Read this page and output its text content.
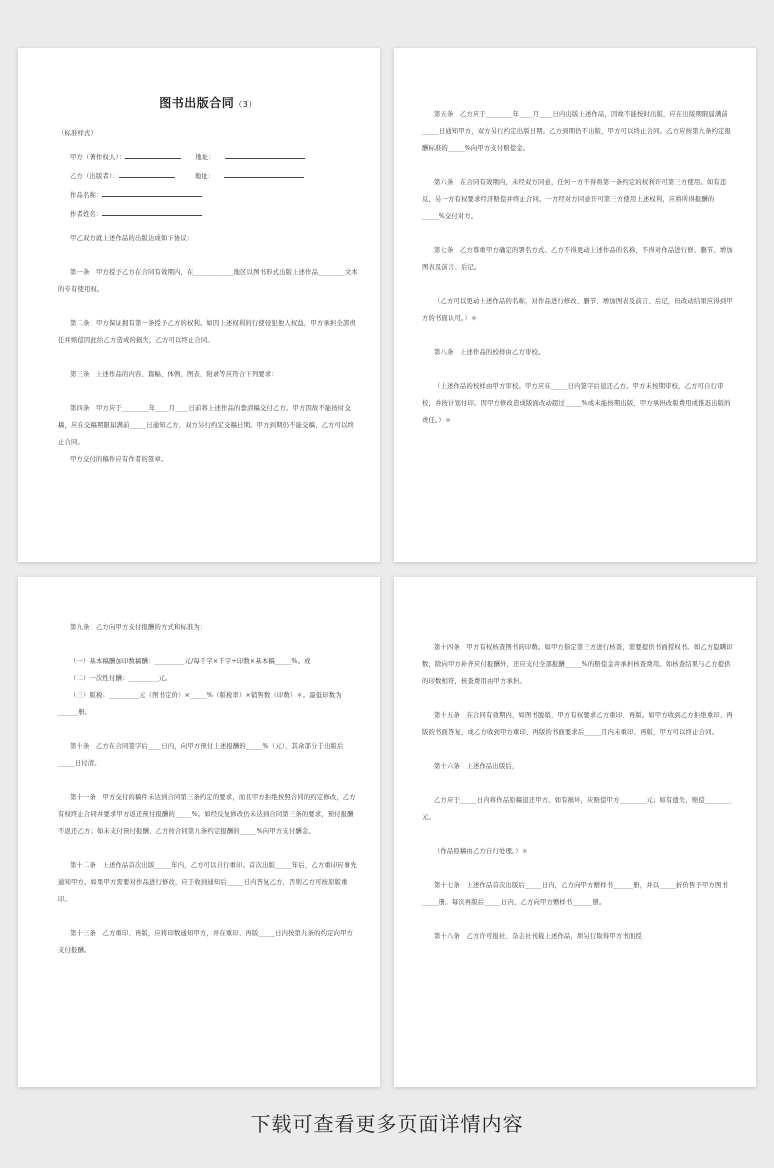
图书出版合同（3）

（标准样式）

甲方（著作权人）：	地址：

乙方（出版者）：	地址：

作品名称：

作者姓名：

甲乙双方就上述作品的出版达成如下协议：

第一条　甲方授予乙方在合同有效期内，在____________地区以图书形式出版上述作品________文本的专有使用权。

第二条　甲方保证拥有第一条授予乙方的权利。如因上述权利的行使侵犯他人权益，甲方承担全部责任并赔偿因此给乙方造成的损失，乙方可以终止合同。

第三条　上述作品的内容、篇幅、体例、图表、附录等应符合下列要求：

第四条　甲方应于________年____月____日前将上述作品的誊清稿交付乙方。甲方因故不能按时交稿，应在交稿期限届满前_____日通知乙方，双方另行约定交稿日期。甲方到期仍不能交稿，乙方可以终止合同。

甲方交付的稿件应有作者的签章。

第五条　乙方应于________年____月____日内出版上述作品，因故不能按时出版，应在出版期限届满前_____日通知甲方，双方另行约定出版日期。乙方到期仍不出版，甲方可以终止合同。乙方应按第九条约定报酬标准的_____%向甲方支付赔偿金。

第六条　在合同有效期内，未经双方同意，任何一方不得将第一条约定的权利许可第三方使用。如有违反，另一方有权要求经济赔偿并终止合同。一方经对方同意许可第三方使用上述权利，应将所得报酬的_____%交付对方。

第七条　乙方尊重甲方确定的署名方式。乙方不得更动上述作品的名称，不得对作品进行修、删节、增加图表及前言、后记。

（乙方可以更动上述作品的名称，对作品进行修改、删节、增加图表及前言、后记，但改动结果应得到甲方的书面认可。）＊

第八条　上述作品的校样由乙方审校。

（上述作品的校样由甲方审校。甲方应在_____日内签字后退还乙方。甲方未按期审校，乙方可自行审校，并按计划付印。因甲方修改造成版面改动超过_____%或未能按期出版，甲方承担改版费用或推迟出版的责任。）＊

第九条　乙方向甲方支付报酬的方式和标准为：

（一）基本稿酬加印数稿酬：_________元/每千字×千字+印数×基本稿_____%。或

（二）一次性付酬：_________元。

（三）版税：_________元（图书定价）×_____%（版税率）×销售数（印数）＊。最低印数为______册。

第十条　乙方在合同签字后____日内，向甲方预付上述报酬的_____%（元），其余部分于出版后_____日付清。

第十一条　甲方交付的稿件未达到合同第三条约定的要求，而且甲方拒绝按照合同的约定修改，乙方有权终止合同并要求甲方返还预付报酬的_____%。如经反复修改仍未达到合同第三条的要求，预付报酬不返还乙方；如未支付预付报酬，乙方按合同第九条约定报酬的_____%向甲方支付酬金。

第十二条　上述作品首次出版_____年内，乙方可以自行重印。首次出版_____年后，乙方重印应事先通知甲方。如果甲方需要对作品进行修改，应于收到通知后_____日内答复乙方，否则乙方可按原版重印。

第十三条　乙方重印、再版，应将印数通知甲方，并在重印、再版_____日内按第九条的约定向甲方支付报酬。

第十四条　甲方有权核查图书的印数。如甲方指定第三方进行核查，需要提供书面授权书。如乙方隐瞒印数，除向甲方补齐应付报酬外，还应支付全部报酬_____%的赔偿金并承担核查费用。如核查结果与乙方提供的印数相符，核查费用由甲方承担。

第十五条　在合同有效期内，如图书脱销，甲方有权要求乙方重印、再版。如甲方收到乙方拒绝重印、再版的书面答复，或乙方收到甲方重印、再版的书面要求后_____月内未重印、再版，甲方可以终止合同。

第十六条　上述作品出版后，

乙方应于_____日内将作品原稿退还甲方。如有损坏，应赔偿甲方________元；如有遗失，赔偿________元。

（作品原稿由乙方自行处理。）＊

第十七条　上述作品首次出版后_____日内，乙方向甲方赠样书______册，并以_____折价售予甲方图书_____册。每次再版后_____日内，乙方向甲方赠样书______册。

第十八条　乙方许可报社、杂志社刊载上述作品，须另行取得甲方书面授

下载可查看更多页面详情内容
